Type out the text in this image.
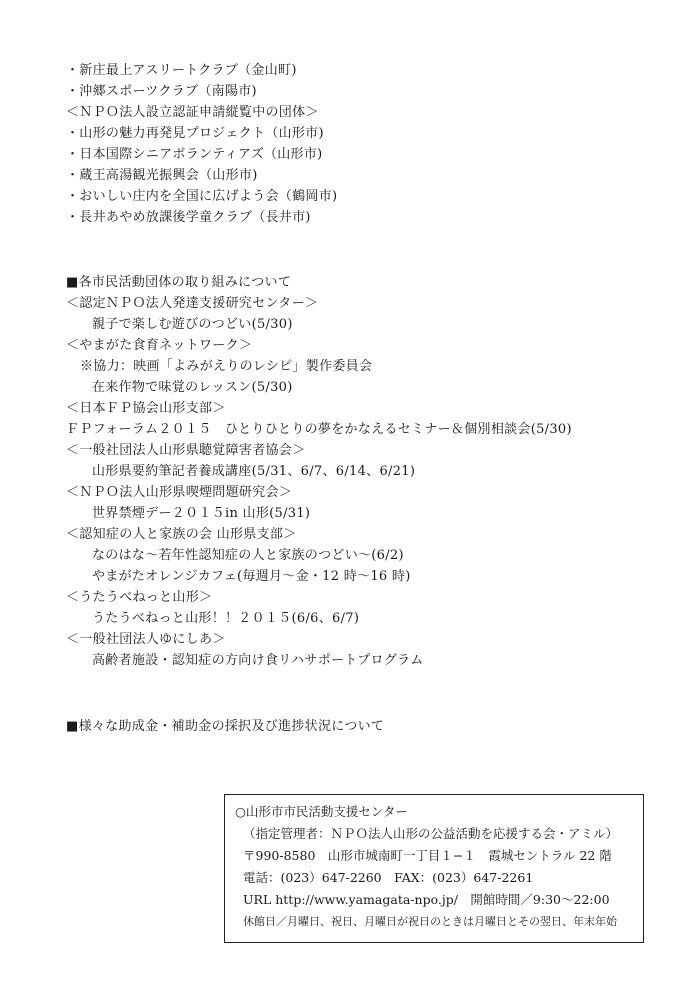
・新庄最上アスリートクラブ（金山町)
・沖郷スポーツクラブ（南陽市)
＜ＮＰＯ法人設立認証申請縦覧中の団体＞
・山形の魅力再発見プロジェクト（山形市)
・日本国際シニアボランティアズ（山形市)
・蔵王高湯観光振興会（山形市)
・おいしい庄内を全国に広げよう会（鶴岡市)
・長井あやめ放課後学童クラブ（長井市)
■各市民活動団体の取り組みについて
＜認定ＮＰＯ法人発達支援研究センター＞
親子で楽しむ遊びのつどい(5/30)
＜やまがた食育ネットワーク＞
※協力：映画「よみがえりのレシピ」製作委員会
在来作物で味覚のレッスン(5/30)
＜日本ＦＰ協会山形支部＞
ＦＰフォーラム２０１５　ひとりひとりの夢をかなえるセミナー＆個別相談会(5/30)
＜一般社団法人山形県聴覚障害者協会＞
山形県要約筆記者養成講座(5/31、6/7、6/14、6/21)
＜ＮＰＯ法人山形県喫煙問題研究会＞
世界禁煙デー２０１５in 山形(5/31)
＜認知症の人と家族の会 山形県支部＞
なのはな～若年性認知症の人と家族のつどい～(6/2)
やまがたオレンジカフェ(毎週月～金・12 時～16 時)
＜うたうべねっと山形＞
うたうべねっと山形！！２０１５(6/6、6/7)
＜一般社団法人ゆにしあ＞
高齢者施設・認知症の方向け食リハサポートプログラム
■様々な助成金・補助金の採択及び進捗状況について
○山形市市民活動支援センター
（指定管理者：ＮＰＯ法人山形の公益活動を応援する会・アミル）
〒990-8580　山形市城南町一丁目１−１　霞城セントラル 22 階
電話：(023）647-2260　FAX：(023）647-2261
URL http://www.yamagata-npo.jp/　開館時間／9:30～22:00
休館日／月曜日、祝日、月曜日が祝日のときは月曜日とその翌日、年末年始
